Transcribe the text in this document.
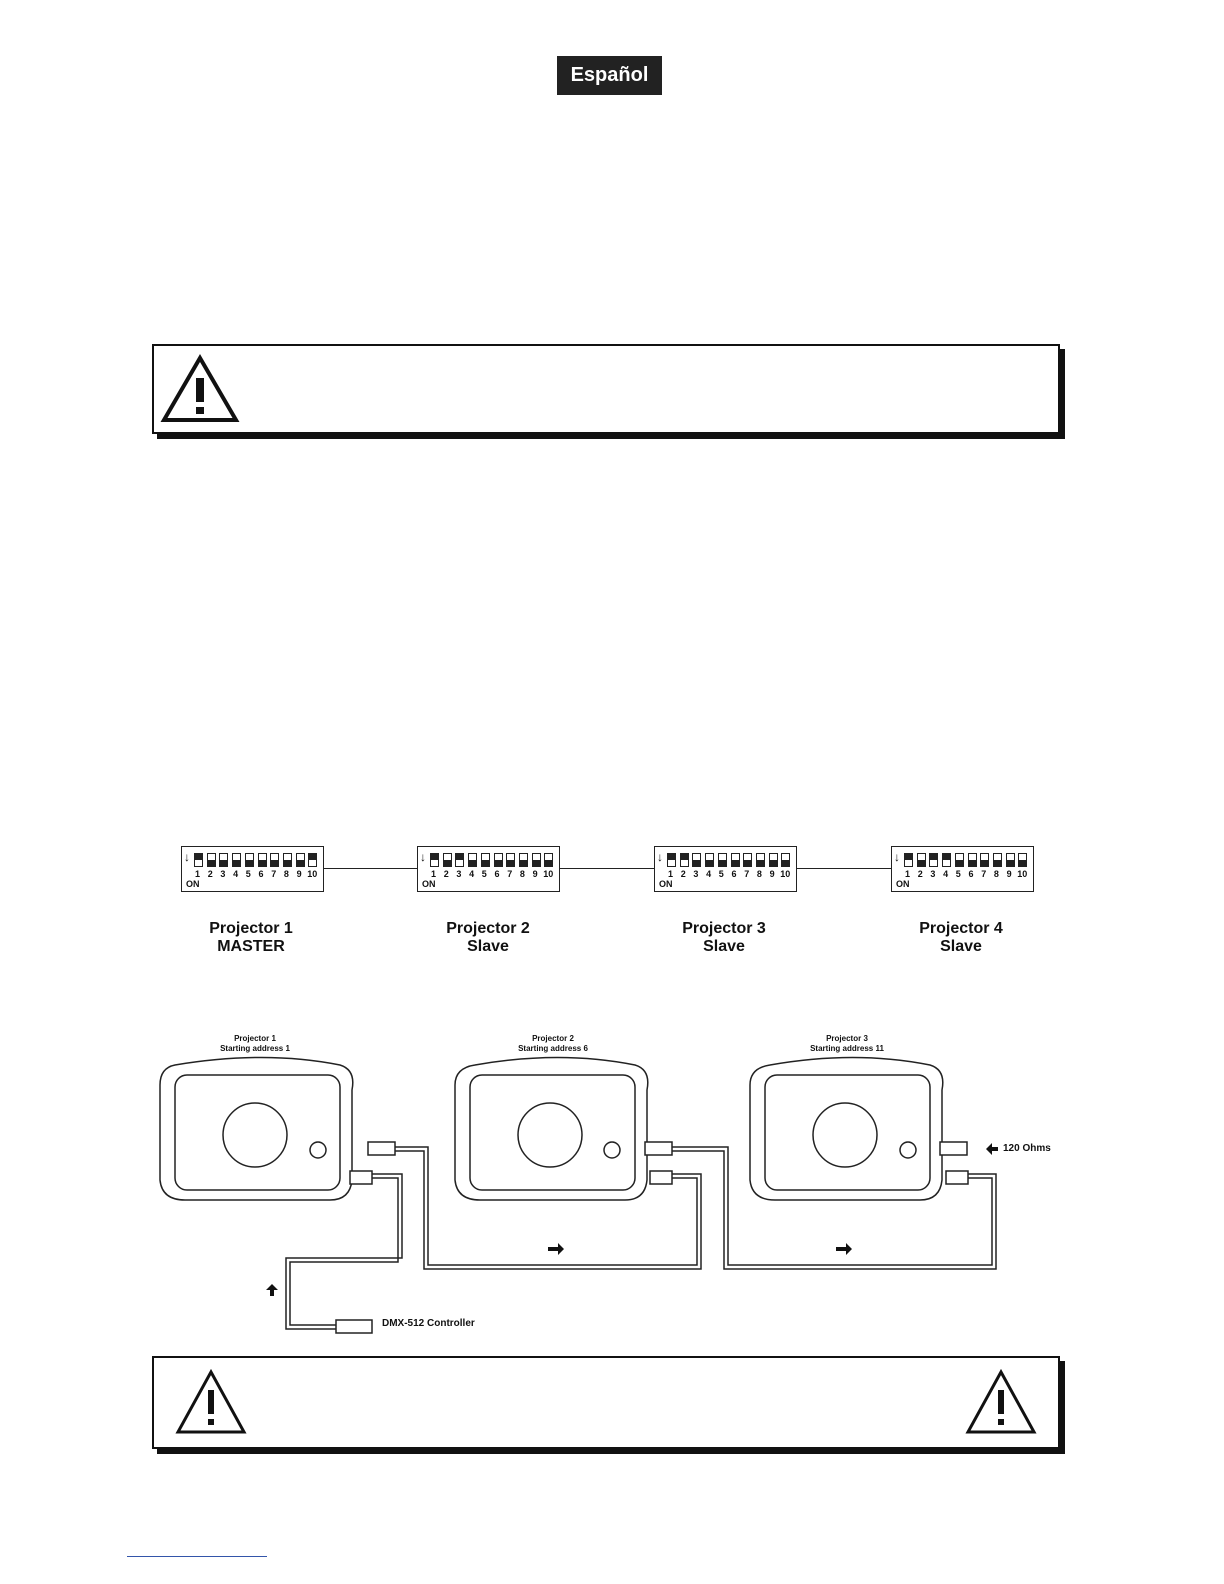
Español
↓
1 2 3 4 5 6 7 8 9 10
ON
↓
1 2 3 4 5 6 7 8 9 10
ON
↓
1 2 3 4 5 6 7 8 9 10
ON
↓
1 2 3 4 5 6 7 8 9 10
ON
Projector 1
MASTER
Projector 2
Slave
Projector 3
Slave
Projector 4
Slave
Projector 1
Starting address 1
Projector 2
Starting address 6
Projector 3
Starting address 11
120 Ohms
DMX-512 Controller
